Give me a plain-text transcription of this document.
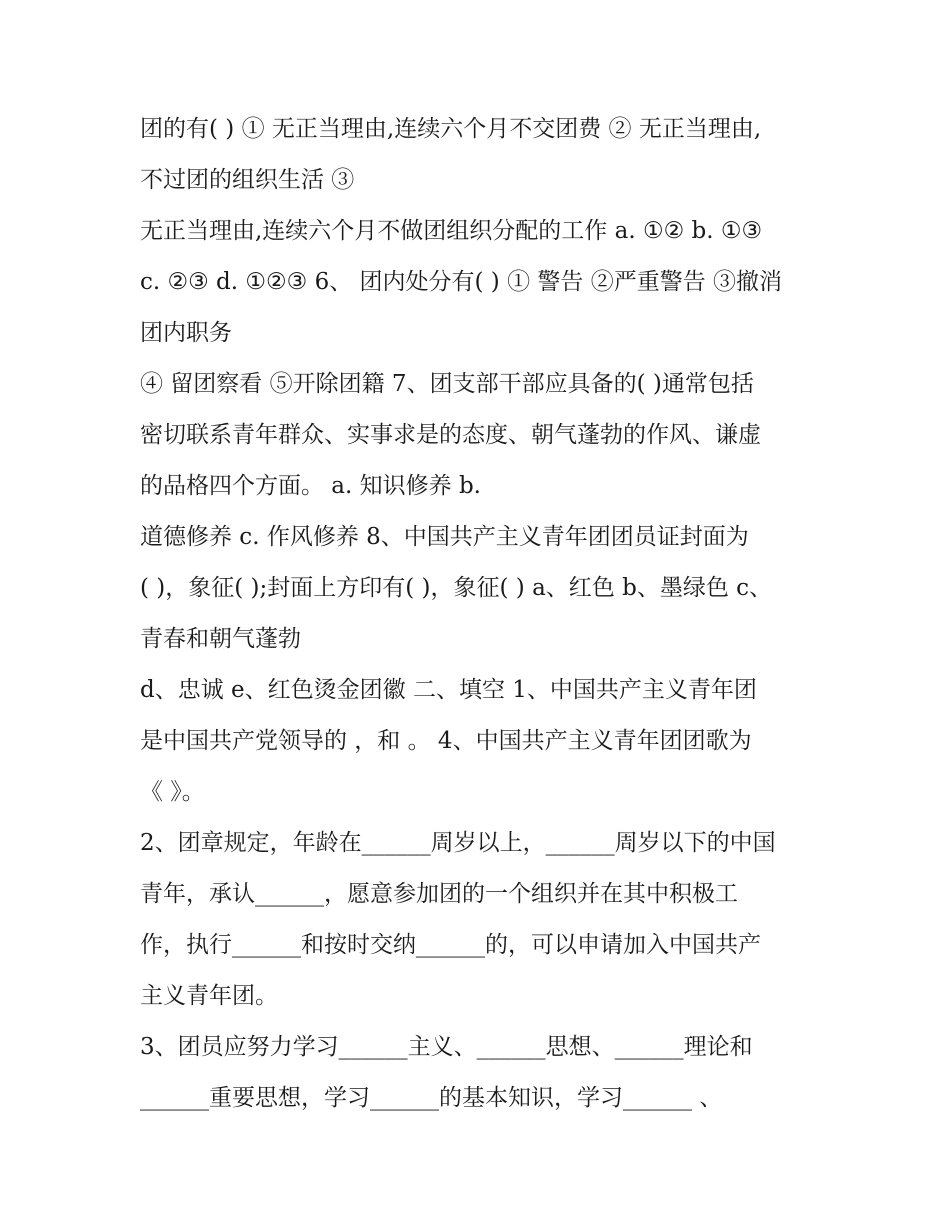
团的有( ) ① 无正当理由,连续六个月不交团费 ② 无正当理由,
不过团的组织生活 ③
无正当理由,连续六个月不做团组织分配的工作 a. ①② b. ①③
c. ②③ d. ①②③ 6、 团内处分有( ) ① 警告 ②严重警告 ③撤消
团内职务
④ 留团察看 ⑤开除团籍 7、团支部干部应具备的( )通常包括
密切联系青年群众、实事求是的态度、朝气蓬勃的作风、谦虚
的品格四个方面。 a. 知识修养 b.
道德修养 c. 作风修养 8、中国共产主义青年团团员证封面为
( )，象征( );封面上方印有( )，象征( ) a、红色 b、墨绿色 c、
青春和朝气蓬勃
d、忠诚 e、红色烫金团徽 二、填空 1、中国共产主义青年团
是中国共产党领导的 ，和 。 4、中国共产主义青年团团歌为
《 》。
2、团章规定，年龄在______周岁以上，______周岁以下的中国
青年，承认______，愿意参加团的一个组织并在其中积极工
作，执行______和按时交纳______的，可以申请加入中国共产
主义青年团。
3、团员应努力学习______主义、______思想、______理论和
______重要思想，学习______的基本知识，学习______ 、
